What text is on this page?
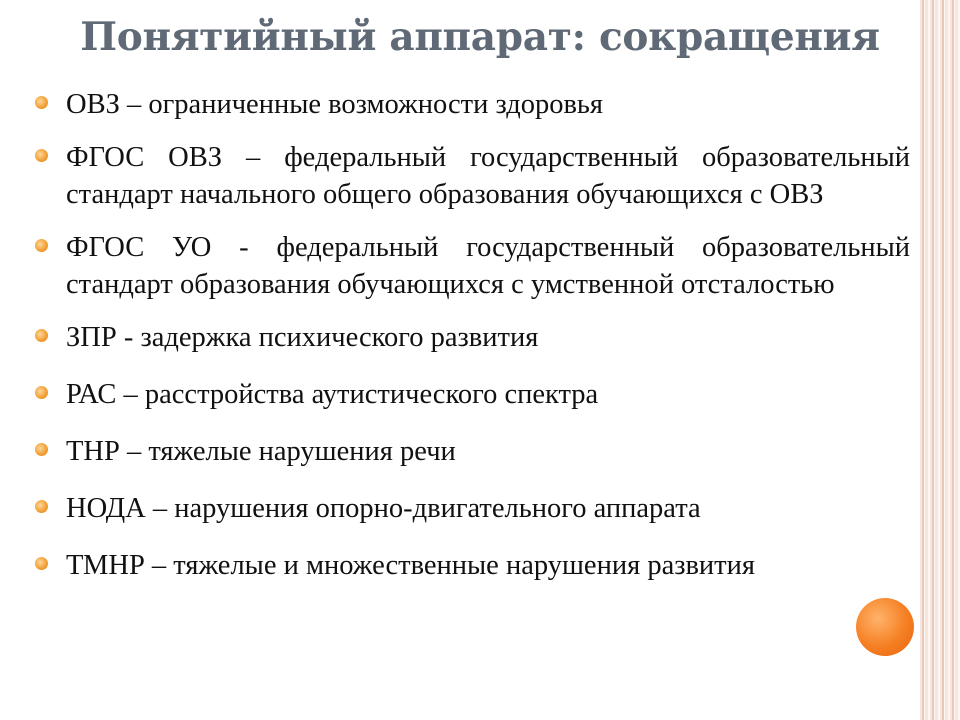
Понятийный аппарат: сокращения
ОВЗ – ограниченные возможности здоровья
ФГОС ОВЗ – федеральный государственный образовательный стандарт начального общего образования обучающихся с ОВЗ
ФГОС УО - федеральный государственный образовательный стандарт образования обучающихся с умственной отсталостью
ЗПР - задержка психического развития
РАС – расстройства аутистического спектра
ТНР – тяжелые нарушения речи
НОДА – нарушения опорно-двигательного аппарата
ТМНР – тяжелые и множественные нарушения развития
